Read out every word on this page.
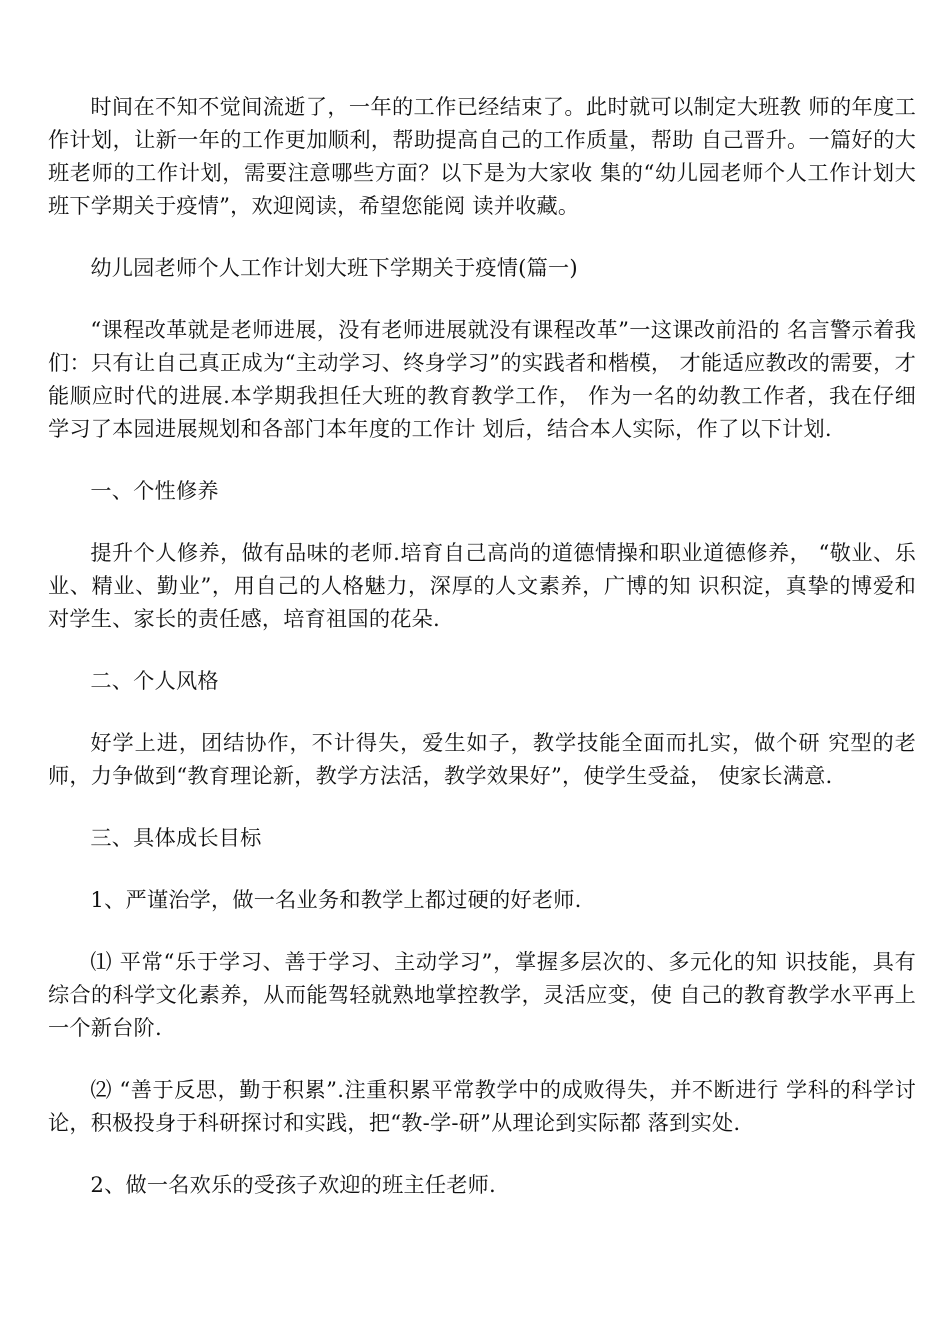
时间在不知不觉间流逝了，一年的工作已经结束了。此时就可以制定大班教 师的年度工作计划，让新一年的工作更加顺利，帮助提高自己的工作质量，帮助 自己晋升。一篇好的大班老师的工作计划，需要注意哪些方面？以下是为大家收 集的“幼儿园老师个人工作计划大班下学期关于疫情”，欢迎阅读，希望您能阅 读并收藏。

幼儿园老师个人工作计划大班下学期关于疫情(篇一)

“课程改革就是老师进展，没有老师进展就没有课程改革”一这课改前沿的 名言警示着我们：只有让自己真正成为“主动学习、终身学习”的实践者和楷模， 才能适应教改的需要，才能顺应时代的进展.本学期我担任大班的教育教学工作， 作为一名的幼教工作者，我在仔细学习了本园进展规划和各部门本年度的工作计 划后，结合本人实际，作了以下计划.

一、个性修养

提升个人修养，做有品味的老师.培育自己高尚的道德情操和职业道德修养， “敬业、乐业、精业、勤业”，用自己的人格魅力，深厚的人文素养，广博的知 识积淀，真挚的博爱和对学生、家长的责任感，培育祖国的花朵.

二、个人风格

好学上进，团结协作，不计得失，爱生如子，教学技能全面而扎实，做个研 究型的老师，力争做到“教育理论新，教学方法活，教学效果好”，使学生受益， 使家长满意.

三、具体成长目标

1、严谨治学，做一名业务和教学上都过硬的好老师.

⑴ 平常“乐于学习、善于学习、主动学习”，掌握多层次的、多元化的知 识技能，具有综合的科学文化素养，从而能驾轻就熟地掌控教学，灵活应变，使 自己的教育教学水平再上一个新台阶.

⑵ “善于反思，勤于积累”.注重积累平常教学中的成败得失，并不断进行 学科的科学讨论，积极投身于科研探讨和实践，把“教-学-研”从理论到实际都 落到实处.

2、做一名欢乐的受孩子欢迎的班主任老师.
